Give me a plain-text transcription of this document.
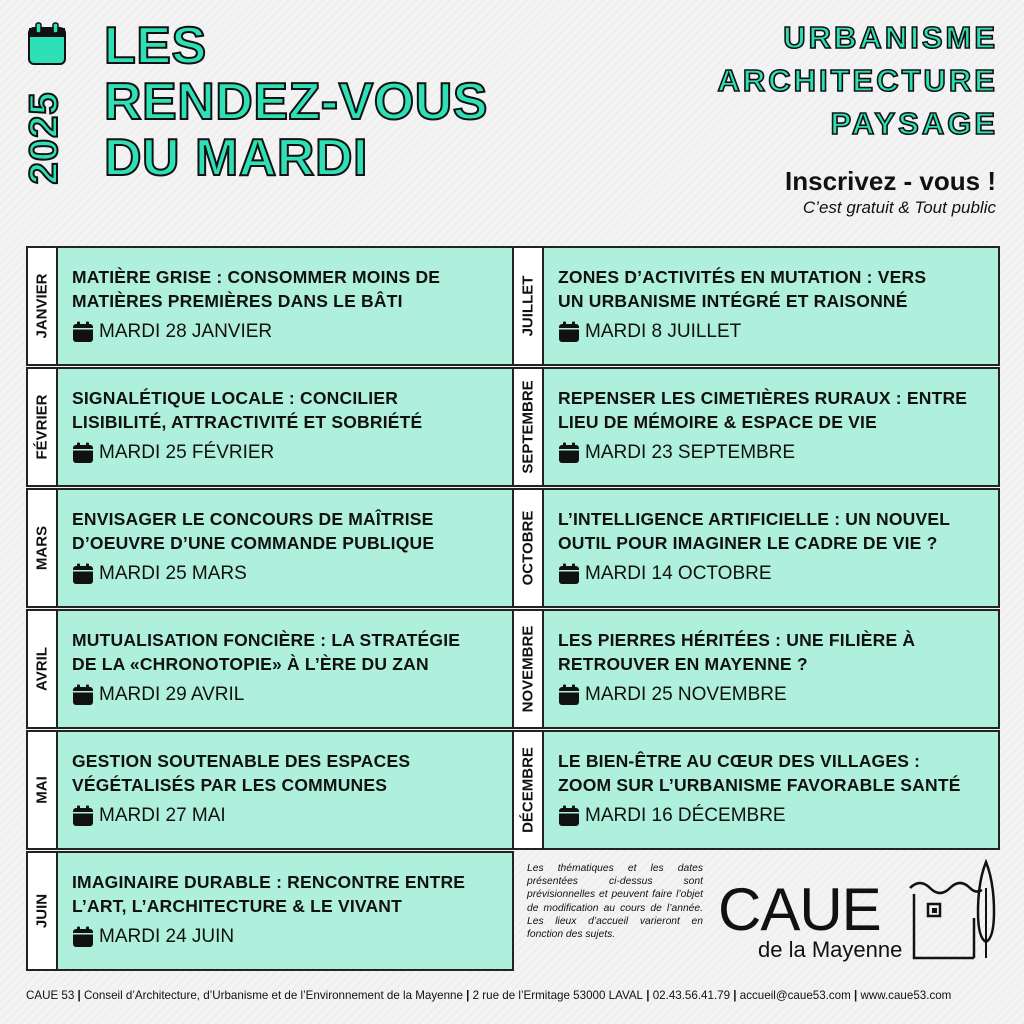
2025
LES
RENDEZ-VOUS
DU MARDI
URBANISME
ARCHITECTURE
PAYSAGE
Inscrivez - vous !
C’est gratuit & Tout public
JANVIER MATIÈRE GRISE : CONSOMMER MOINS DE
MATIÈRES PREMIÈRES DANS LE BÂTI
MARDI 28 JANVIER
FÉVRIER SIGNALÉTIQUE LOCALE : CONCILIER
LISIBILITÉ, ATTRACTIVITÉ ET SOBRIÉTÉ
MARDI 25 FÉVRIER
MARS
ENVISAGER LE CONCOURS DE MAÎTRISE
D’OEUVRE D’UNE COMMANDE PUBLIQUE
MARDI 25 MARS
AVRIL
MUTUALISATION FONCIÈRE : LA STRATÉGIE
DE LA «CHRONOTOPIE» À L’ÈRE DU ZAN
MARDI 29 AVRIL
MAI
GESTION SOUTENABLE DES ESPACES
VÉGÉTALISÉS PAR LES COMMUNES
MARDI 27 MAI
JUIN
IMAGINAIRE DURABLE : RENCONTRE ENTRE
L’ART, L’ARCHITECTURE & LE VIVANT
MARDI 24 JUIN
JUILLET ZONES D’ACTIVITÉS EN MUTATION : VERS
UN URBANISME INTÉGRÉ ET RAISONNÉ
MARDI 8 JUILLET
SEPTEMBRE REPENSER LES CIMETIÈRES RURAUX : ENTRE
LIEU DE MÉMOIRE & ESPACE DE VIE
MARDI 23 SEPTEMBRE
OCTOBRE L’INTELLIGENCE ARTIFICIELLE : UN NOUVEL
OUTIL POUR IMAGINER LE CADRE DE VIE ?
MARDI 14 OCTOBRE
NOVEMBRE LES PIERRES HÉRITÉES : UNE FILIÈRE À
RETROUVER EN MAYENNE ?
MARDI 25 NOVEMBRE
DÉCEMBRE LE BIEN-ÊTRE AU CŒUR DES VILLAGES :
ZOOM SUR L’URBANISME FAVORABLE SANTÉ
MARDI 16 DÉCEMBRE
Les thématiques et les dates présentées ci-dessus sont prévisionnelles et peuvent faire l’objet de modification au cours de l’année. Les lieux d’accueil varieront en fonction des sujets.	CAUE
de la Mayenne
CAUE 53 | Conseil d’Architecture, d’Urbanisme et de l’Environnement de la Mayenne | 2 rue de l’Ermitage 53000 LAVAL | 02.43.56.41.79 | accueil@caue53.com | www.caue53.com
